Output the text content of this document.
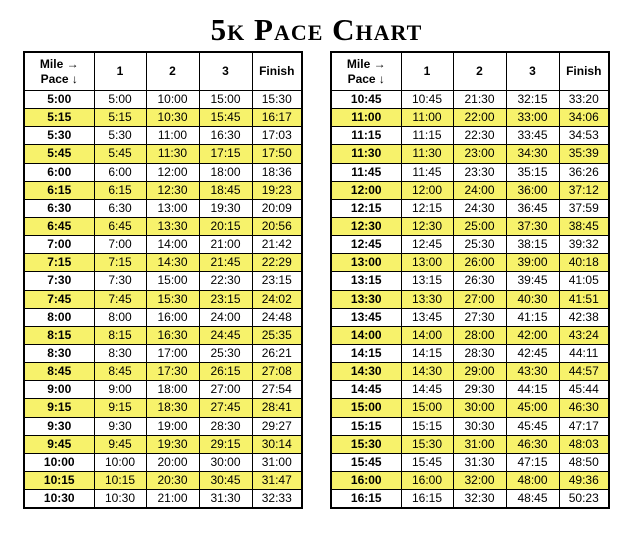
5k Pace Chart
Mile →
Pace ↓	1	2	3	Finish
5:00	5:00	10:00	15:00	15:30
5:15	5:15	10:30	15:45	16:17
5:30	5:30	11:00	16:30	17:03
5:45	5:45	11:30	17:15	17:50
6:00	6:00	12:00	18:00	18:36
6:15	6:15	12:30	18:45	19:23
6:30	6:30	13:00	19:30	20:09
6:45	6:45	13:30	20:15	20:56
7:00	7:00	14:00	21:00	21:42
7:15	7:15	14:30	21:45	22:29
7:30	7:30	15:00	22:30	23:15
7:45	7:45	15:30	23:15	24:02
8:00	8:00	16:00	24:00	24:48
8:15	8:15	16:30	24:45	25:35
8:30	8:30	17:00	25:30	26:21
8:45	8:45	17:30	26:15	27:08
9:00	9:00	18:00	27:00	27:54
9:15	9:15	18:30	27:45	28:41
9:30	9:30	19:00	28:30	29:27
9:45	9:45	19:30	29:15	30:14
10:00	10:00	20:00	30:00	31:00
10:15	10:15	20:30	30:45	31:47
10:30	10:30	21:00	31:30	32:33
Mile →
Pace ↓	1	2	3	Finish
10:45	10:45	21:30	32:15	33:20
11:00	11:00	22:00	33:00	34:06
11:15	11:15	22:30	33:45	34:53
11:30	11:30	23:00	34:30	35:39
11:45	11:45	23:30	35:15	36:26
12:00	12:00	24:00	36:00	37:12
12:15	12:15	24:30	36:45	37:59
12:30	12:30	25:00	37:30	38:45
12:45	12:45	25:30	38:15	39:32
13:00	13:00	26:00	39:00	40:18
13:15	13:15	26:30	39:45	41:05
13:30	13:30	27:00	40:30	41:51
13:45	13:45	27:30	41:15	42:38
14:00	14:00	28:00	42:00	43:24
14:15	14:15	28:30	42:45	44:11
14:30	14:30	29:00	43:30	44:57
14:45	14:45	29:30	44:15	45:44
15:00	15:00	30:00	45:00	46:30
15:15	15:15	30:30	45:45	47:17
15:30	15:30	31:00	46:30	48:03
15:45	15:45	31:30	47:15	48:50
16:00	16:00	32:00	48:00	49:36
16:15	16:15	32:30	48:45	50:23
